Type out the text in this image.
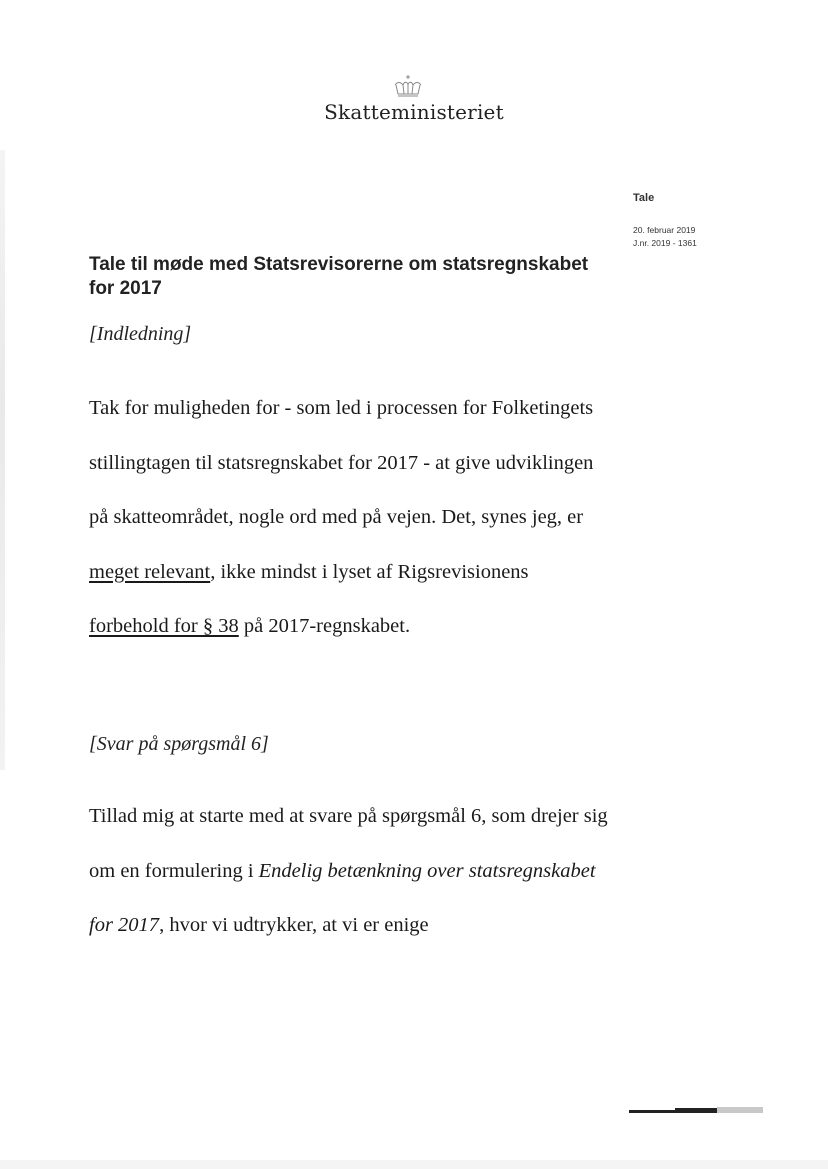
Skatteministeriet
Tale
20. februar 2019
J.nr. 2019 - 1361
Tale til møde med Statsrevisorerne om statsregnskabet for 2017
[Indledning]

Tak for muligheden for - som led i processen for Folketingets stillingtagen til statsregnskabet for 2017 - at give udviklingen på skatteområdet, nogle ord med på vejen. Det, synes jeg, er meget relevant, ikke mindst i lyset af Rigsrevisionens forbehold for § 38 på 2017-regnskabet.

[Svar på spørgsmål 6]

Tillad mig at starte med at svare på spørgsmål 6, som drejer sig om en formulering i Endelig betænkning over statsregnskabet for 2017, hvor vi udtrykker, at vi er enige
